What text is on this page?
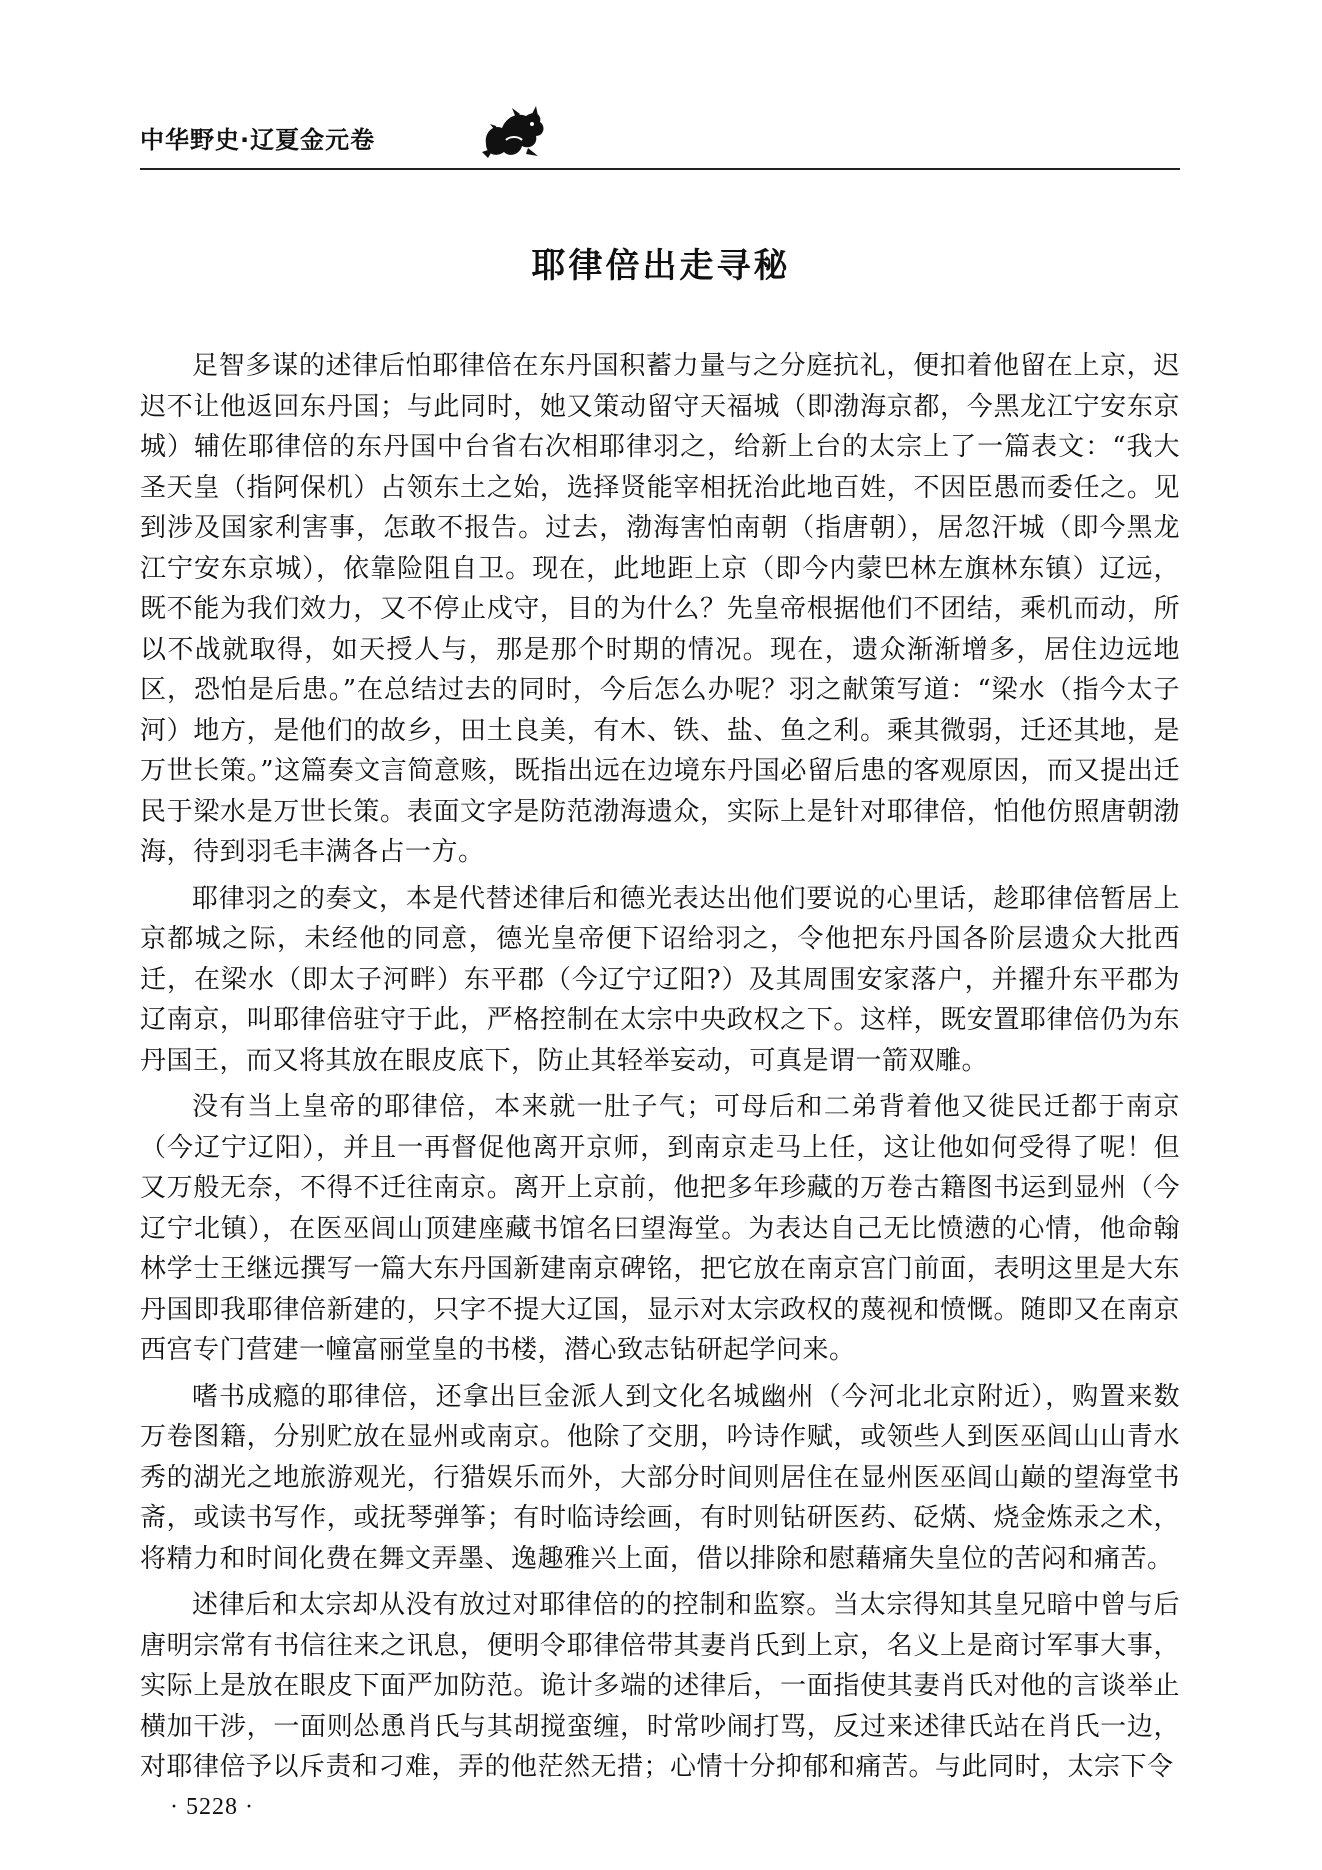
中华野史·辽夏金元卷
耶律倍出走寻秘

足智多谋的述律后怕耶律倍在东丹国积蓄力量与之分庭抗礼，便扣着他留在上京，迟迟不让他返回东丹国；与此同时，她又策动留守天福城（即渤海京都，今黑龙江宁安东京城）辅佐耶律倍的东丹国中台省右次相耶律羽之，给新上台的太宗上了一篇表文：“我大圣天皇（指阿保机）占领东土之始，选择贤能宰相抚治此地百姓，不因臣愚而委任之。见到涉及国家利害事，怎敢不报告。过去，渤海害怕南朝（指唐朝），居忽汗城（即今黑龙江宁安东京城），依靠险阻自卫。现在，此地距上京（即今内蒙巴林左旗林东镇）辽远，既不能为我们效力，又不停止戍守，目的为什么？先皇帝根据他们不团结，乘机而动，所以不战就取得，如天授人与，那是那个时期的情况。现在，遗众渐渐增多，居住边远地区，恐怕是后患。”在总结过去的同时，今后怎么办呢？羽之献策写道：“梁水（指今太子河）地方，是他们的故乡，田土良美，有木、铁、盐、鱼之利。乘其微弱，迁还其地，是万世长策。”这篇奏文言简意赅，既指出远在边境东丹国必留后患的客观原因，而又提出迁民于梁水是万世长策。表面文字是防范渤海遗众，实际上是针对耶律倍，怕他仿照唐朝渤海，待到羽毛丰满各占一方。

耶律羽之的奏文，本是代替述律后和德光表达出他们要说的心里话，趁耶律倍暂居上京都城之际，未经他的同意，德光皇帝便下诏给羽之，令他把东丹国各阶层遗众大批西迁，在梁水（即太子河畔）东平郡（今辽宁辽阳?）及其周围安家落户，并擢升东平郡为辽南京，叫耶律倍驻守于此，严格控制在太宗中央政权之下。这样，既安置耶律倍仍为东丹国王，而又将其放在眼皮底下，防止其轻举妄动，可真是谓一箭双雕。

没有当上皇帝的耶律倍，本来就一肚子气；可母后和二弟背着他又徙民迁都于南京（今辽宁辽阳），并且一再督促他离开京师，到南京走马上任，这让他如何受得了呢！但又万般无奈，不得不迁往南京。离开上京前，他把多年珍藏的万卷古籍图书运到显州（今辽宁北镇），在医巫闾山顶建座藏书馆名曰望海堂。为表达自己无比愤懑的心情，他命翰林学士王继远撰写一篇大东丹国新建南京碑铭，把它放在南京宫门前面，表明这里是大东丹国即我耶律倍新建的，只字不提大辽国，显示对太宗政权的蔑视和愤慨。随即又在南京西宫专门营建一幢富丽堂皇的书楼，潜心致志钻研起学问来。

嗜书成瘾的耶律倍，还拿出巨金派人到文化名城幽州（今河北北京附近），购置来数万卷图籍，分别贮放在显州或南京。他除了交朋，吟诗作赋，或领些人到医巫闾山山青水秀的湖光之地旅游观光，行猎娱乐而外，大部分时间则居住在显州医巫闾山巅的望海堂书斋，或读书写作，或抚琴弹筝；有时临诗绘画，有时则钻研医药、砭焫、烧金炼汞之术，将精力和时间化费在舞文弄墨、逸趣雅兴上面，借以排除和慰藉痛失皇位的苦闷和痛苦。

述律后和太宗却从没有放过对耶律倍的的控制和监察。当太宗得知其皇兄暗中曾与后唐明宗常有书信往来之讯息，便明令耶律倍带其妻肖氏到上京，名义上是商讨军事大事，实际上是放在眼皮下面严加防范。诡计多端的述律后，一面指使其妻肖氏对他的言谈举止横加干涉，一面则怂恿肖氏与其胡搅蛮缠，时常吵闹打骂，反过来述律氏站在肖氏一边，对耶律倍予以斥责和刁难，弄的他茫然无措；心情十分抑郁和痛苦。与此同时，太宗下令

· 5228 ·
